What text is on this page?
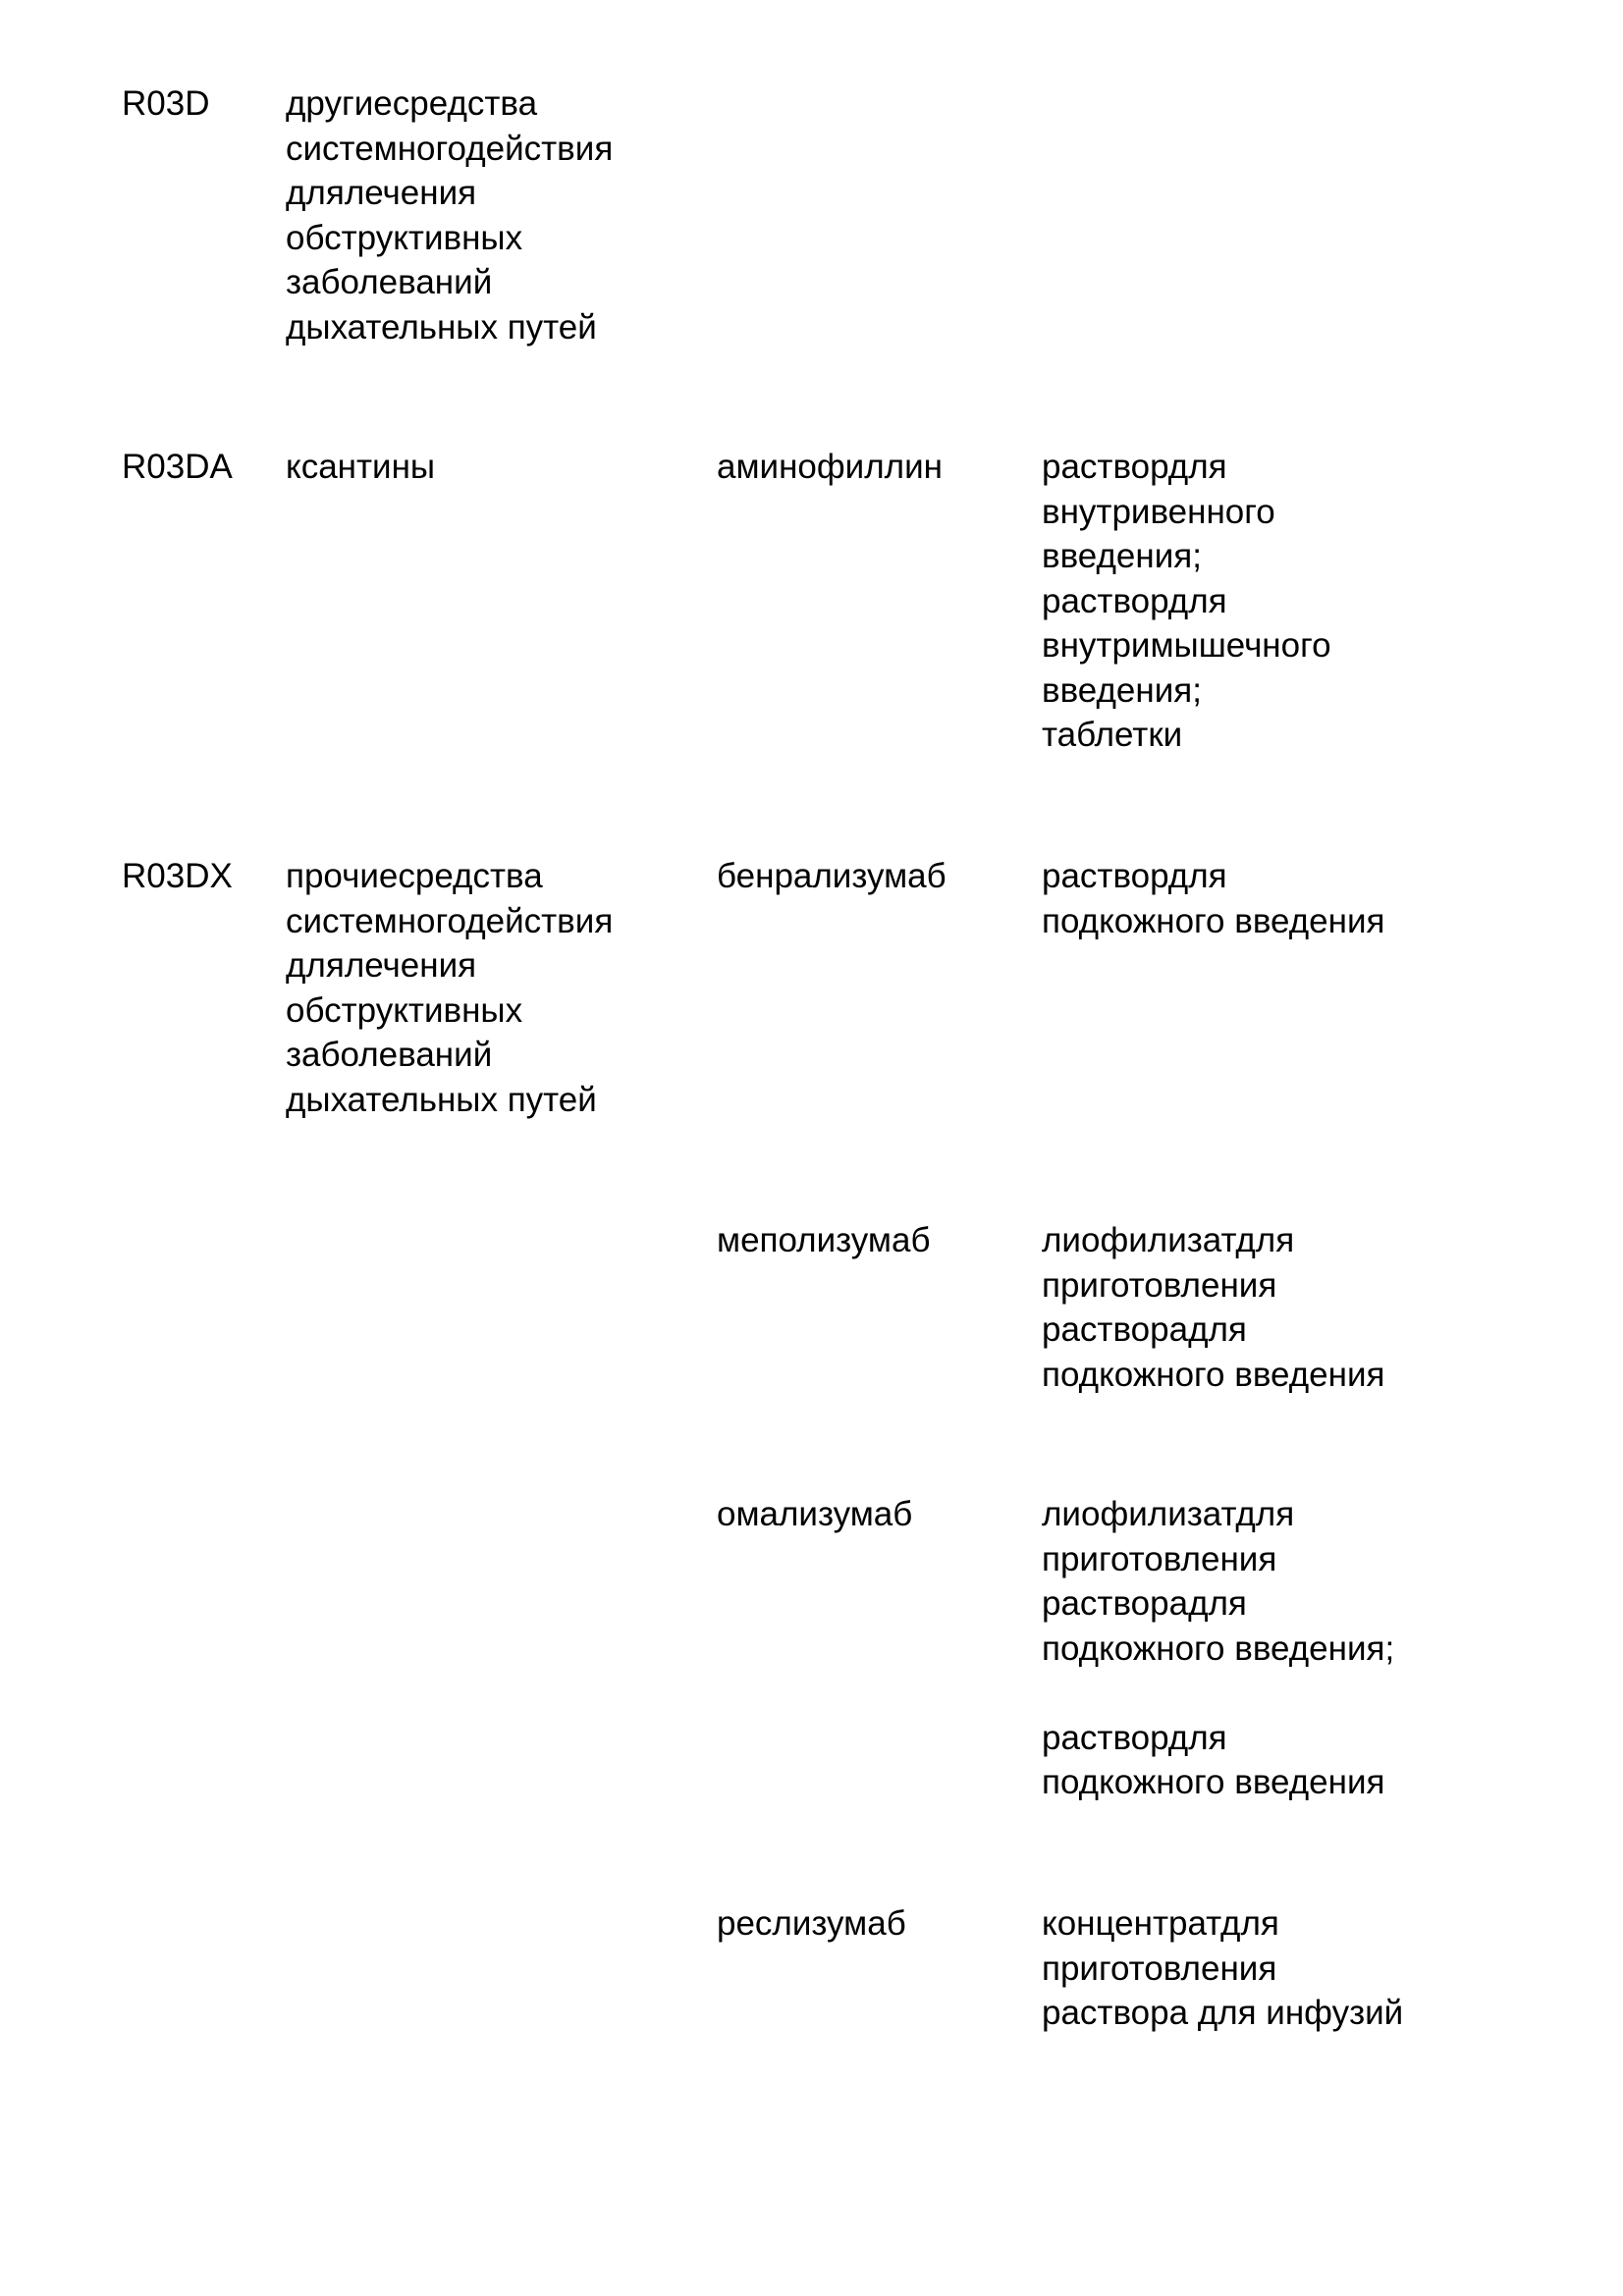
R03D	другиесредства
системногодействия
длялечения
обструктивных
заболеваний
дыхательных путей
R03DA	ксантины	аминофиллин	раствордля
внутривенного
введения;
раствордля
внутримышечного
введения;
таблетки
R03DX	прочиесредства
системногодействия
длялечения
обструктивных
заболеваний
дыхательных путей
бенрализумаб	раствордля
подкожного введения
меполизумаб	лиофилизатдля
приготовления
растворадля
подкожного введения
омализумаб	лиофилизатдля
приготовления
растворадля
подкожного введения;
раствордля
подкожного введения
реслизумаб	концентратдля
приготовления
раствора для инфузий
